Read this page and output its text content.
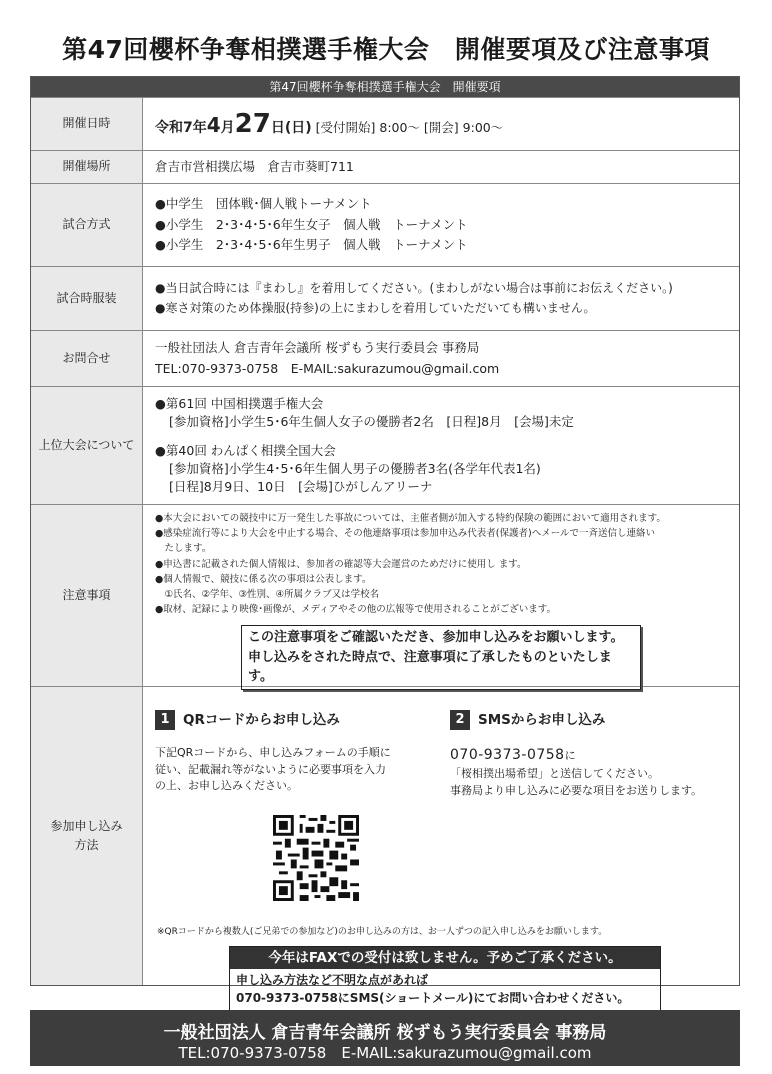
第47回櫻杯争奪相撲選手権大会　開催要項及び注意事項
第47回櫻杯争奪相撲選手権大会　開催要項
開催日時	令和7年4月27日(日) [受付開始] 8:00～ [開会] 9:00～
開催場所	倉吉市営相撲広場　倉吉市葵町711
試合方式
●中学生　団体戦･個人戦トーナメント
●小学生　2･3･4･5･6年生女子　個人戦　トーナメント
●小学生　2･3･4･5･6年生男子　個人戦　トーナメント
試合時服装
●当日試合時には『まわし』を着用してください。(まわしがない場合は事前にお伝えください。)
●寒さ対策のため体操服(持参)の上にまわしを着用していただいても構いません。
お問合せ
一般社団法人 倉吉青年会議所 桜ずもう実行委員会 事務局
TEL:070-9373-0758　E-MAIL:sakurazumou@gmail.com
上位大会について
●第61回 中国相撲選手権大会
[参加資格]小学生5･6年生個人女子の優勝者2名　[日程]8月　[会場]未定
●第40回 わんぱく相撲全国大会
[参加資格]小学生4･5･6年生個人男子の優勝者3名(各学年代表1名)
[日程]8月9日、10日　[会場]ひがしんアリーナ
注意事項
●本大会においての競技中に万一発生した事故については、主催者側が加入する特約保険の範囲において適用されます。
●感染症流行等により大会を中止する場合、その他連絡事項は参加申込み代表者(保護者)へメールで一斉送信し連絡い
　たします。
●申込書に記載された個人情報は、参加者の確認等大会運営のためだけに使用し ます。
●個人情報で、競技に係る次の事項は公表します。
　①氏名、②学年、③性別、④所属クラブ又は学校名
●取材、記録により映像･画像が、メディアやその他の広報等で使用されることがございます。
この注意事項をご確認いただき、参加申し込みをお願いします。
申し込みをされた時点で、注意事項に了承したものといたします。
参加申し込み
方法
1 QRコードからお申し込み
下記QRコードから、申し込みフォームの手順に
従い、記載漏れ等がないように必要事項を入力
の上、お申し込みください。
2 SMSからお申し込み
070-9373-0758に
「桜相撲出場希望」と送信してください。
事務局より申し込みに必要な項目をお送りします。
※QRコードから複数人(ご兄弟での参加など)のお申し込みの方は、お一人ずつの記入申し込みをお願いします。
今年はFAXでの受付は致しません。予めご了承ください。
申し込み方法など不明な点があれば
070-9373-0758にSMS(ショートメール)にてお問い合わせください。
一般社団法人 倉吉青年会議所 桜ずもう実行委員会 事務局
TEL:070-9373-0758　E-MAIL:sakurazumou@gmail.com
